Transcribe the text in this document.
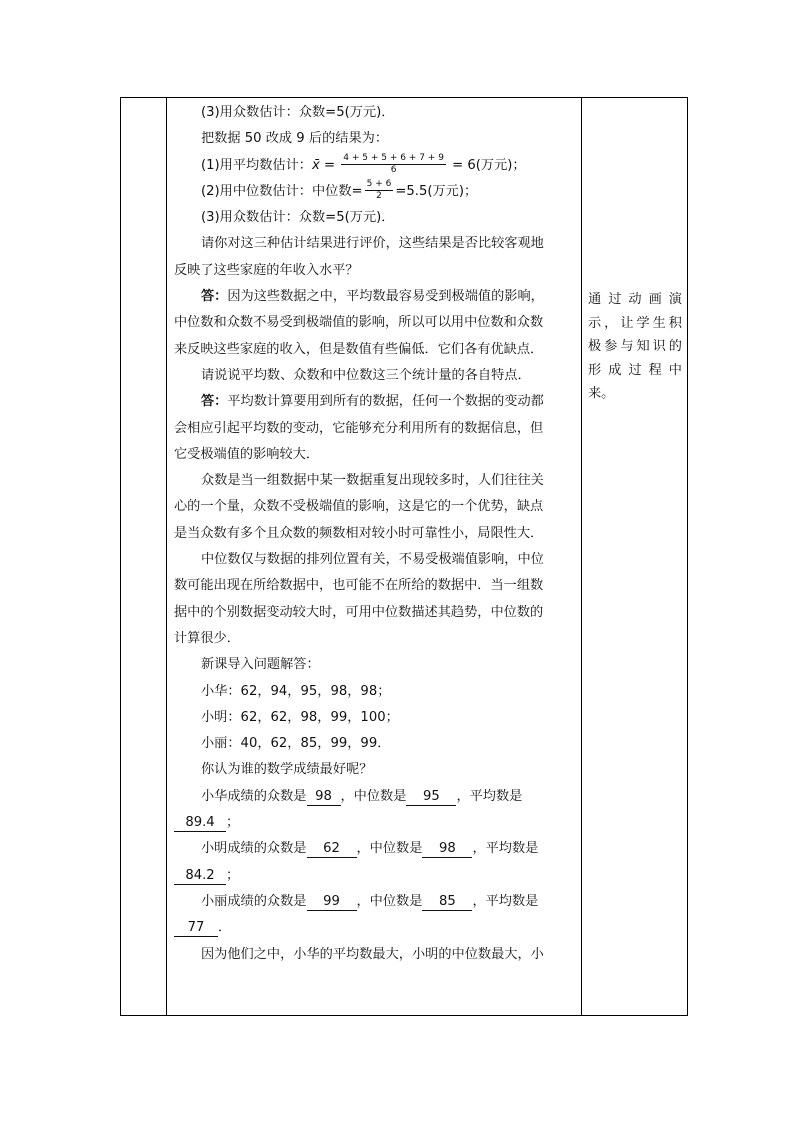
(3)用众数估计：众数=5(万元)．
把数据 50 改成 9 后的结果为：
(1)用平均数估计：x̄ = $\frac{4 + 5 + 5 + 6 + 7 + 9}{6} = 6$(万元)；
(2)用中位数估计：中位数= $\frac{5 + 6}{2} =5.5$(万元)；
(3)用众数估计：众数=5(万元)．
请你对这三种估计结果进行评价，这些结果是否比较客观地
反映了这些家庭的年收入水平？
答：因为这些数据之中，平均数最容易受到极端值的影响，
中位数和众数不易受到极端值的影响，所以可以用中位数和众数
来反映这些家庭的收入，但是数值有些偏低．它们各有优缺点．
请说说平均数、众数和中位数这三个统计量的各自特点．
答：平均数计算要用到所有的数据，任何一个数据的变动都
会相应引起平均数的变动，它能够充分利用所有的数据信息，但
它受极端值的影响较大．
众数是当一组数据中某一数据重复出现较多时，人们往往关
心的一个量，众数不受极端值的影响，这是它的一个优势，缺点
是当众数有多个且众数的频数相对较小时可靠性小，局限性大．
中位数仅与数据的排列位置有关，不易受极端值影响，中位
数可能出现在所给数据中，也可能不在所给的数据中．当一组数
据中的个别数据变动较大时，可用中位数描述其趋势，中位数的
计算很少．
新课导入问题解答：
小华：62，94，95，98，98；
小明：62，62，98，99，100；
小丽：40，62，85，99，99．
你认为谁的数学成绩最好呢？
小华成绩的众数是 98 ，中位数是 95 ，平均数是
89.4 ；
小明成绩的众数是 62 ，中位数是 98 ，平均数是
84.2 ；
小丽成绩的众数是 99 ，中位数是 85 ，平均数是
77 ．
因为他们之中，小华的平均数最大，小明的中位数最大，小
通过动画演
示，让学生积
极参与知识的
形成过程中
来。
